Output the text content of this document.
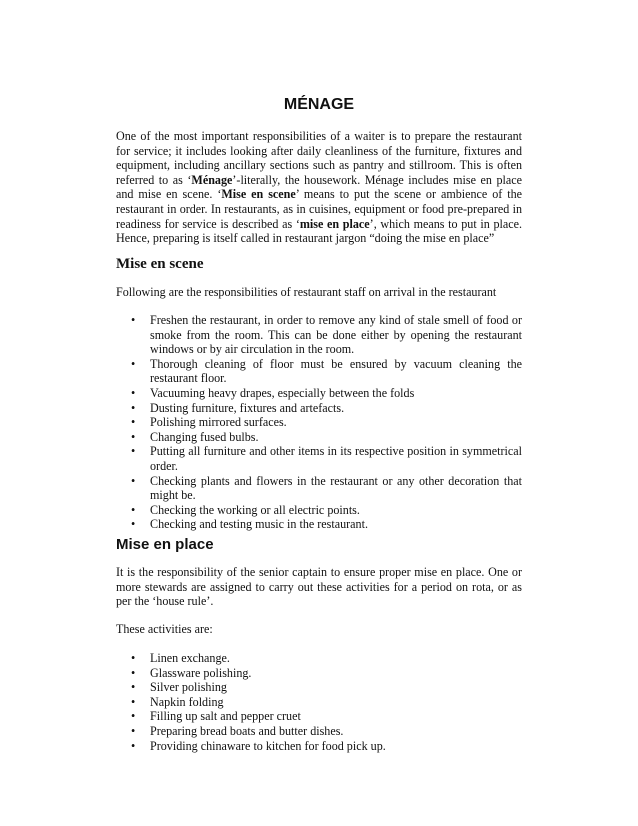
MÉNAGE

One of the most important responsibilities of a waiter is to prepare the restaurant for service; it includes looking after daily cleanliness of the furniture, fixtures and equipment, including ancillary sections such as pantry and stillroom. This is often referred to as ‘Ménage’-literally, the housework. Ménage includes mise en place and mise en scene. ‘Mise en scene’ means to put the scene or ambience of the restaurant in order. In restaurants, as in cuisines, equipment or food pre-prepared in readiness for service is described as ‘mise en place’, which means to put in place. Hence, preparing is itself called in restaurant jargon “doing the mise en place”

Mise en scene

Following are the responsibilities of restaurant staff on arrival in the restaurant

• Freshen the restaurant, in order to remove any kind of stale smell of food or smoke from the room. This can be done either by opening the restaurant windows or by air circulation in the room.
• Thorough cleaning of floor must be ensured by vacuum cleaning the restaurant floor.
• Vacuuming heavy drapes, especially between the folds
• Dusting furniture, fixtures and artefacts.
• Polishing mirrored surfaces.
• Changing fused bulbs.
• Putting all furniture and other items in its respective position in symmetrical order.
• Checking plants and flowers in the restaurant or any other decoration that might be.
• Checking the working or all electric points.
• Checking and testing music in the restaurant.
Mise en place

It is the responsibility of the senior captain to ensure proper mise en place. One or more stewards are assigned to carry out these activities for a period on rota, or as per the ‘house rule’.

These activities are:

• Linen exchange.
• Glassware polishing.
• Silver polishing
• Napkin folding
• Filling up salt and pepper cruet
• Preparing bread boats and butter dishes.
• Providing chinaware to kitchen for food pick up.
